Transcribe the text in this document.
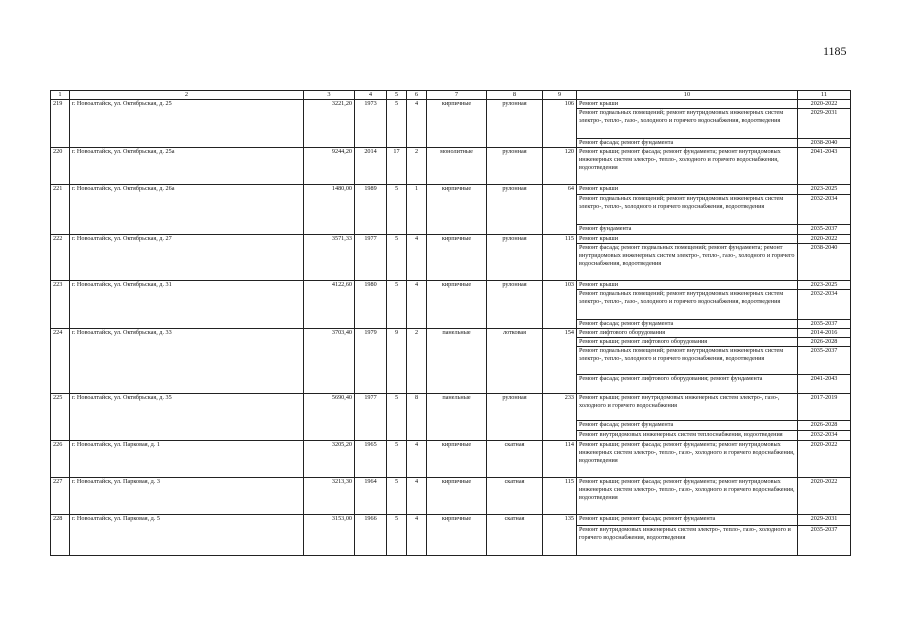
1185
1	2	3	4	5	6	7	8	9	10	11
219	г. Новоалтайск, ул. Октябрьская, д. 25	3221,20	1973	5	4	кирпичные	рулонная	106	Ремонт крыши	2020-2022
									Ремонт подвальных помещений; ремонт внутридомовых инженерных систем электро-, тепло-, газо-, холодного и горячего водоснабжения, водоотведения	2029-2031
									Ремонт фасада; ремонт фундамента	2038-2040
220	г. Новоалтайск, ул. Октябрьская, д. 25а	9244,20	2014	17	2	монолитные	рулонная	120	Ремонт крыши; ремонт фасада; ремонт фундамента; ремонт внутридомовых инженерных систем электро-, тепло-, холодного и горячего водоснабжения, водоотведения	2041-2043
221	г. Новоалтайск, ул. Октябрьская, д. 26а	1480,00	1989	5	1	кирпичные	рулонная	64	Ремонт крыши	2023-2025
									Ремонт подвальных помещений; ремонт внутридомовых инженерных систем электро-, тепло-, холодного и горячего водоснабжения, водоотведения	2032-2034
									Ремонт фундамента	2035-2037
222	г. Новоалтайск, ул. Октябрьская, д. 27	3571,33	1977	5	4	кирпичные	рулонная	115	Ремонт крыши	2020-2022
									Ремонт фасада; ремонт подвальных помещений; ремонт фундамента; ремонт внутридомовых инженерных систем электро-, тепло-, газо-, холодного и горячего водоснабжения, водоотведения	2038-2040
223	г. Новоалтайск, ул. Октябрьская, д. 31	4122,60	1980	5	4	кирпичные	рулонная	103	Ремонт крыши	2023-2025
									Ремонт подвальных помещений; ремонт внутридомовых инженерных систем электро-, тепло-, газо-, холодного и горячего водоснабжения, водоотведения	2032-2034
									Ремонт фасада; ремонт фундамента	2035-2037
224	г. Новоалтайск, ул. Октябрьская, д. 33	3703,40	1979	9	2	панельные	лотковая	154	Ремонт лифтового оборудования	2014-2016
									Ремонт крыши; ремонт лифтового оборудования	2026-2028
									Ремонт подвальных помещений; ремонт внутридомовых инженерных систем электро-, тепло-, холодного и горячего водоснабжения, водоотведения	2035-2037
									Ремонт фасада; ремонт лифтового оборудования; ремонт фундамента	2041-2043
225	г. Новоалтайск, ул. Октябрьская, д. 35	5690,40	1977	5	8	панельные	рулонная	233	Ремонт крыши; ремонт внутридомовых инженерных систем электро-, газо-, холодного и горячего водоснабжения	2017-2019
									Ремонт фасада; ремонт фундамента	2026-2028
									Ремонт внутридомовых инженерных систем теплоснабжения, водоотведения	2032-2034
226	г. Новоалтайск, ул. Парковая, д. 1	3205,20	1965	5	4	кирпичные	скатная	114	Ремонт крыши; ремонт фасада; ремонт фундамента; ремонт внутридомовых инженерных систем электро-, тепло-, газо-, холодного и горячего водоснабжения, водоотведения	2020-2022
227	г. Новоалтайск, ул. Парковая, д. 3	3213,30	1964	5	4	кирпичные	скатная	115	Ремонт крыши; ремонт фасада; ремонт фундамента; ремонт внутридомовых инженерных систем электро-, тепло-, газо-, холодного и горячего водоснабжения, водоотведения	2020-2022
228	г. Новоалтайск, ул. Парковая, д. 5	3153,00	1966	5	4	кирпичные	скатная	135	Ремонт крыши; ремонт фасада; ремонт фундамента	2029-2031
									Ремонт внутридомовых инженерных систем электро-, тепло-, газо-, холодного и горячего водоснабжения, водоотведения	2035-2037
